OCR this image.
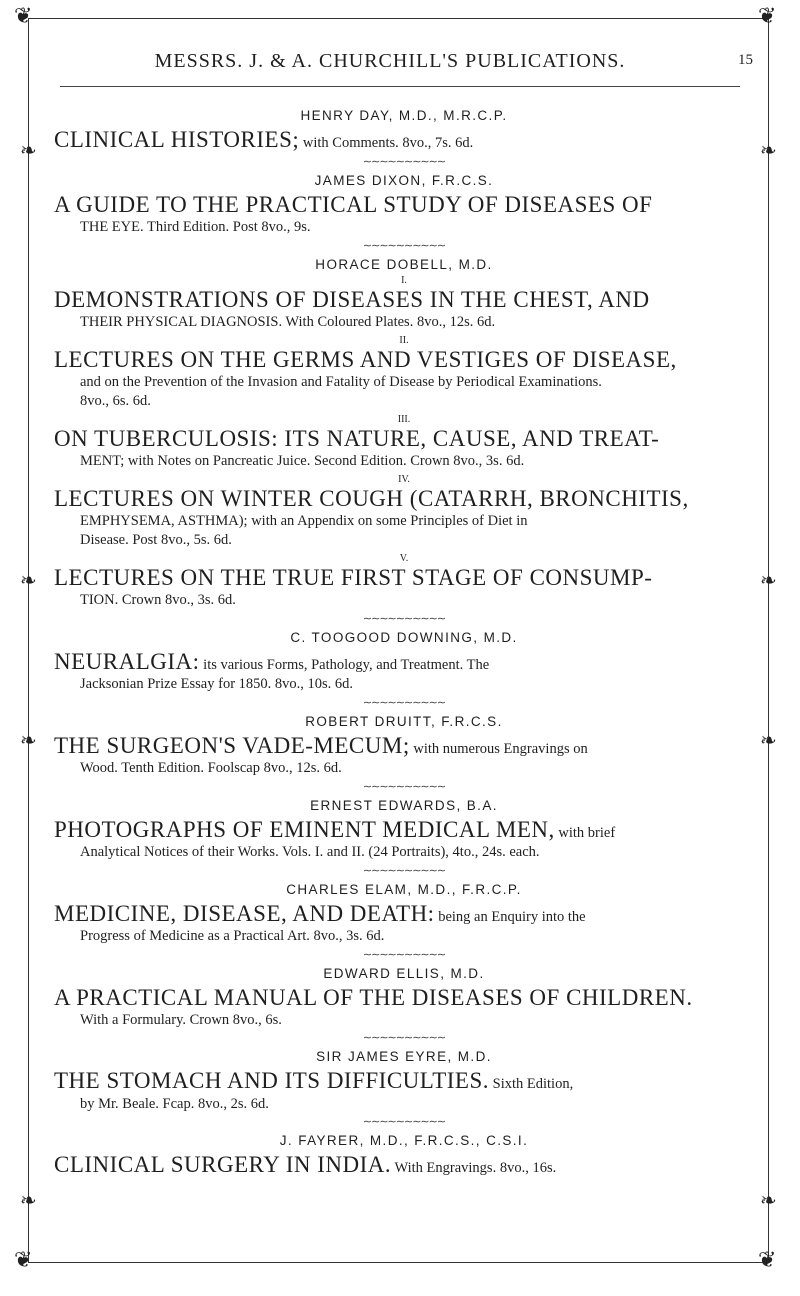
❦	❦
❦	❦
❧
❧
❧
❧
❧
❧
❧
❧
MESSRS. J. & A. CHURCHILL'S PUBLICATIONS.	15
HENRY DAY, M.D., M.R.C.P.
CLINICAL HISTORIES; with Comments. 8vo., 7s. 6d.
∼∼∼∼∼∼∼∼∼∼
JAMES DIXON, F.R.C.S.
A GUIDE TO THE PRACTICAL STUDY OF DISEASES OF
THE EYE. Third Edition. Post 8vo., 9s.
∼∼∼∼∼∼∼∼∼∼
HORACE DOBELL, M.D.
I.
DEMONSTRATIONS OF DISEASES IN THE CHEST, AND
THEIR PHYSICAL DIAGNOSIS. With Coloured Plates. 8vo., 12s. 6d.
II.
LECTURES ON THE GERMS AND VESTIGES OF DISEASE,
and on the Prevention of the Invasion and Fatality of Disease by Periodical Examinations.
8vo., 6s. 6d.
III.
ON TUBERCULOSIS: ITS NATURE, CAUSE, AND TREAT-
MENT; with Notes on Pancreatic Juice. Second Edition. Crown 8vo., 3s. 6d.
IV.
LECTURES ON WINTER COUGH (CATARRH, BRONCHITIS,
EMPHYSEMA, ASTHMA); with an Appendix on some Principles of Diet in
Disease. Post 8vo., 5s. 6d.
V.
LECTURES ON THE TRUE FIRST STAGE OF CONSUMP-
TION. Crown 8vo., 3s. 6d.
∼∼∼∼∼∼∼∼∼∼
C. TOOGOOD DOWNING, M.D.
NEURALGIA: its various Forms, Pathology, and Treatment. The
Jacksonian Prize Essay for 1850. 8vo., 10s. 6d.
∼∼∼∼∼∼∼∼∼∼
ROBERT DRUITT, F.R.C.S.
THE SURGEON'S VADE-MECUM; with numerous Engravings on
Wood. Tenth Edition. Foolscap 8vo., 12s. 6d.
∼∼∼∼∼∼∼∼∼∼
ERNEST EDWARDS, B.A.
PHOTOGRAPHS OF EMINENT MEDICAL MEN, with brief
Analytical Notices of their Works. Vols. I. and II. (24 Portraits), 4to., 24s. each.
∼∼∼∼∼∼∼∼∼∼
CHARLES ELAM, M.D., F.R.C.P.
MEDICINE, DISEASE, AND DEATH: being an Enquiry into the
Progress of Medicine as a Practical Art. 8vo., 3s. 6d.
∼∼∼∼∼∼∼∼∼∼
EDWARD ELLIS, M.D.
A PRACTICAL MANUAL OF THE DISEASES OF CHILDREN.
With a Formulary. Crown 8vo., 6s.
∼∼∼∼∼∼∼∼∼∼
SIR JAMES EYRE, M.D.
THE STOMACH AND ITS DIFFICULTIES. Sixth Edition,
by Mr. Beale. Fcap. 8vo., 2s. 6d.
∼∼∼∼∼∼∼∼∼∼
J. FAYRER, M.D., F.R.C.S., C.S.I.
CLINICAL SURGERY IN INDIA. With Engravings. 8vo., 16s.
